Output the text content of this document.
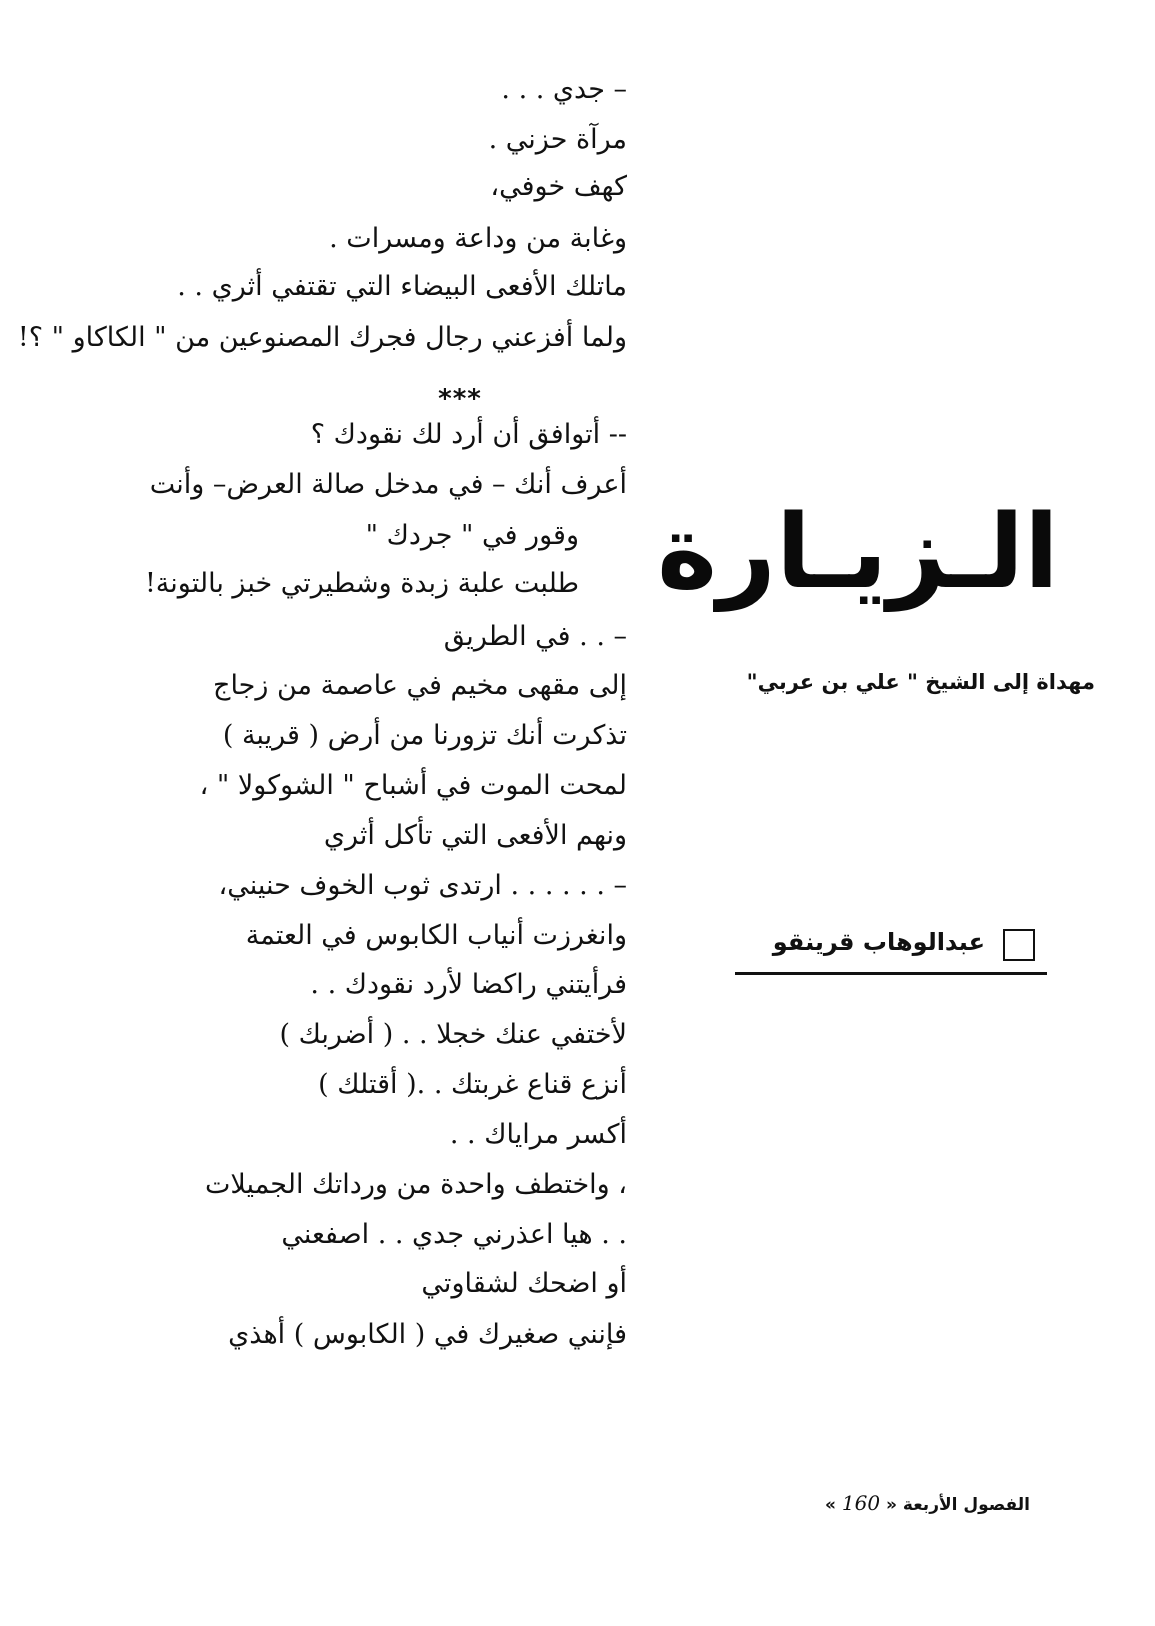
– جدي . . .
مرآة حزني .
كهف خوفي،
وغابة من وداعة ومسرات .
ماتلك الأفعى البيضاء التي تقتفي أثري . .
ولما أفزعني رجال فجرك المصنوعين من " الكاكاو " ؟!
***
-- أتوافق أن أرد لك نقودك ؟
أعرف أنك – في مدخل صالة العرض– وأنت
وقور في " جردك "
طلبت علبة زبدة وشطيرتي خبز بالتونة!
– . . في الطريق
إلى مقهى مخيم في عاصمة من زجاج
تذكرت أنك تزورنا من أرض ( قريبة )
لمحت الموت في أشباح " الشوكولا " ،
ونهم الأفعى التي تأكل أثري
– . . . . . . ارتدى ثوب الخوف حنيني،
وانغرزت أنياب الكابوس في العتمة
فرأيتني راكضا لأرد نقودك . .
لأختفي عنك خجلا . . ( أضربك )
أنزع قناع غربتك . .( أقتلك )
أكسر مراياك . .
، واختطف واحدة من ورداتك الجميلات
. . هيا اعذرني جدي . . اصفعني
أو اضحك لشقاوتي
فإنني صغيرك في ( الكابوس ) أهذي
الـزيـارة
مهداة إلى الشيخ " علي بن عربي"
عبدالوهاب قرينقو
الفصول الأربعة « 160 »
